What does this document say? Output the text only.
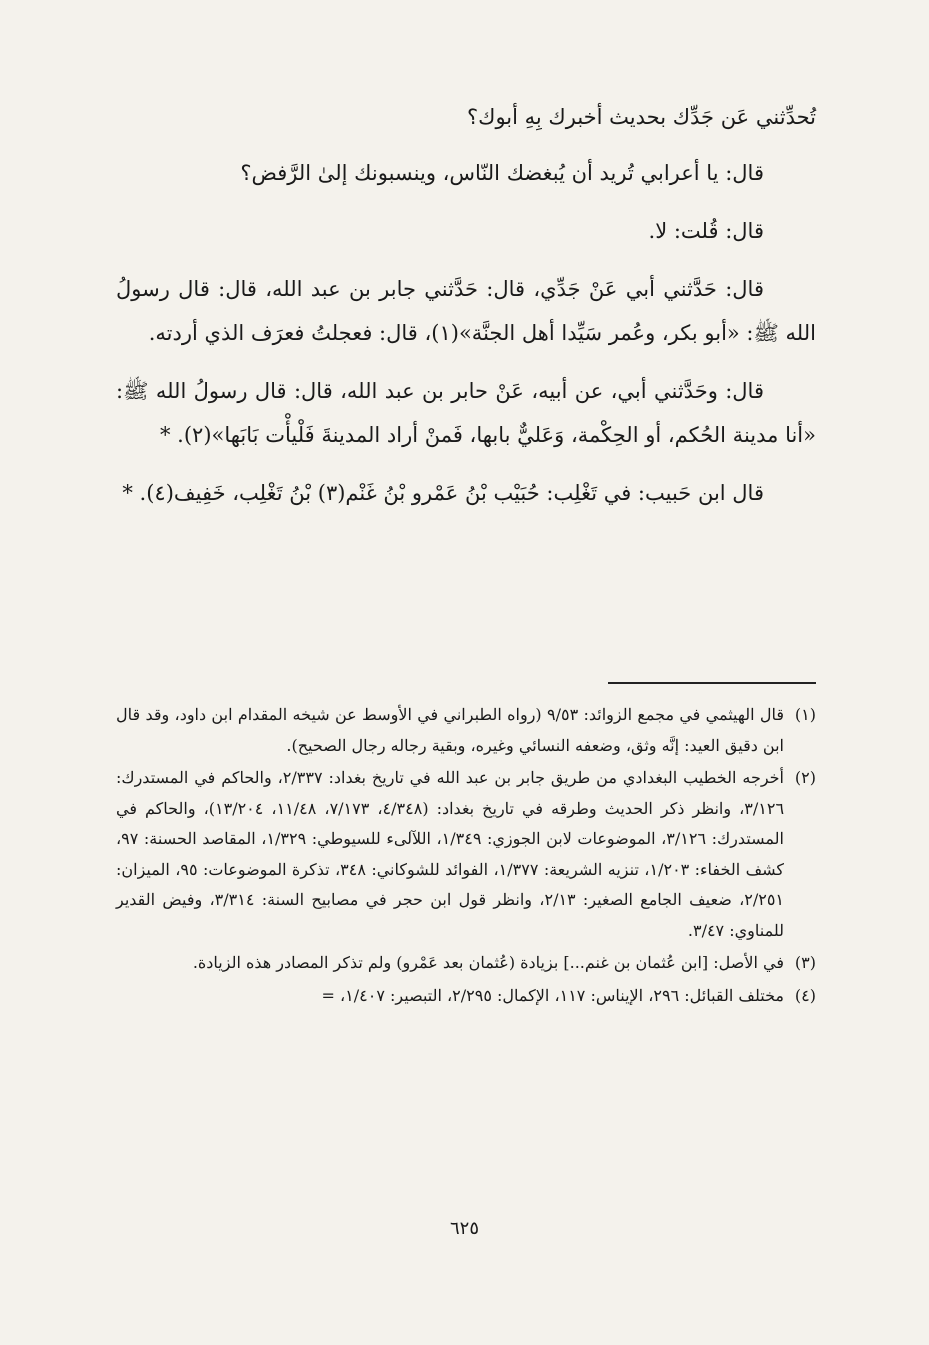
تُحدِّثني عَن جَدِّك بحديث أخبرك بِهِ أبوك؟

قال: يا أعرابي تُريد أن يُبغضك النّاس، وينسبونك إلىٰ الرَّفض؟

قال: قُلت: لا.

قال: حَدَّثني أبي عَنْ جَدِّي، قال: حَدَّثني جابر بن عبد الله، قال: قال رسولُ الله ﷺ: «أبو بكر، وعُمر سَيِّدا أهل الجنَّة»(١)، قال: فعجلتُ فعرَف الذي أردته.

قال: وحَدَّثني أبي، عن أبيه، عَنْ حابر بن عبد الله، قال: قال رسولُ الله ﷺ: «أنا مدينة الحُكم، أو الحِكْمة، وَعَليٌّ بابها، فَمنْ أراد المدينةَ فَلْيأْت بَابَها»(٢). *

قال ابن حَبيب: في تَغْلِب: حُبَيْب بْنُ عَمْرو بْنُ غَنْم(٣) بْنُ تَغْلِب، خَفِيف(٤). *

(١)
قال الهيثمي في مجمع الزوائد: ٩/٥٣ (رواه الطبراني في الأوسط عن شيخه المقدام ابن داود، وقد قال ابن دقيق العيد: إنَّه وثق، وضعفه النسائي وغيره، وبقية رجاله رجال الصحيح).
(٢)
أخرجه الخطيب البغدادي من طريق جابر بن عبد الله في تاريخ بغداد: ٢/٣٣٧، والحاكم في المستدرك: ٣/١٢٦، وانظر ذكر الحديث وطرقه في تاريخ بغداد: (٤/٣٤٨، ٧/١٧٣، ١١/٤٨، ١٣/٢٠٤)، والحاكم في المستدرك: ٣/١٢٦، الموضوعات لابن الجوزي: ١/٣٤٩، اللآلىء للسيوطي: ١/٣٢٩، المقاصد الحسنة: ٩٧، كشف الخفاء: ١/٢٠٣، تنزيه الشريعة: ١/٣٧٧، الفوائد للشوكاني: ٣٤٨، تذكرة الموضوعات: ٩٥، الميزان: ٢/٢٥١، ضعيف الجامع الصغير: ٢/١٣، وانظر قول ابن حجر في مصابيح السنة: ٣/٣١٤، وفيض القدير للمناوي: ٣/٤٧.
(٣)
في الأصل: [ابن عُثمان بن غنم...] بزيادة (عُثمان بعد عَمْرو) ولم تذكر المصادر هذه الزيادة.
(٤)
مختلف القبائل: ٢٩٦، الإيناس: ١١٧، الإكمال: ٢/٢٩٥، التبصير: ١/٤٠٧، =
٦٢٥
